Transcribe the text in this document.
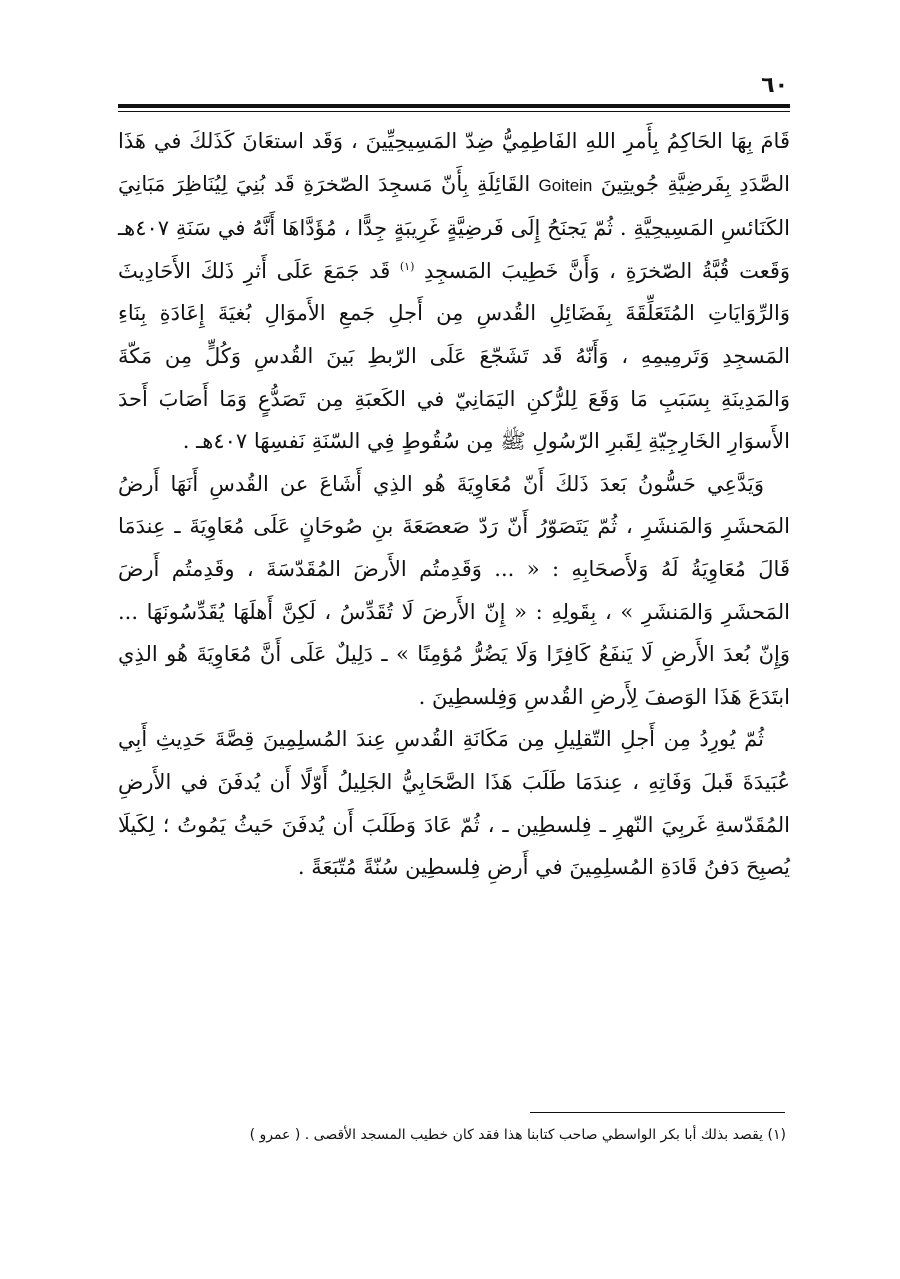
٦٠

قَامَ بِهَا الحَاكِمُ بِأَمرِ اللهِ الفَاطِمِيُّ ضِدّ المَسِيحِيِّينَ ، وَقَد استعَانَ كَذَلكَ في هَذَا الصَّدَدِ بِفَرضِيَّةِ جُويتِينَ Goitein القَائِلَةِ بِأَنّ مَسجِدَ الصّخرَةِ قَد بُنِيَ لِيُنَاظِرَ مَبَانِيَ الكَنَائسِ المَسِيحِيَّةِ . ثُمّ يَجنَحُ إِلَى فَرضِيَّةٍ غَرِيبَةٍ جِدًّا ، مُؤَدَّاهَا أَنَّهُ في سَنَةِ ٤٠٧هـ وَقَعت قُبَّةُ الصّخرَةِ ، وَأَنَّ خَطِيبَ المَسجِدِ $^{(١)}$ قَد جَمَعَ عَلَى أَثرِ ذَلكَ الأَحَادِيثَ وَالرِّوَايَاتِ المُتَعَلِّقَةَ بِفَضَائِلِ القُدسِ مِن أَجلِ جَمعِ الأَموَالِ بُغيَةَ إِعَادَةِ بِنَاءِ المَسجِدِ وَتَرمِيمِهِ ، وَأَنّهُ قَد تَشَجّعَ عَلَى الرّبطِ بَينَ القُدسِ وَكُلٍّ مِن مَكّةَ وَالمَدِينَةِ بِسَبَبِ مَا وَقَعَ لِلرُّكنِ اليَمَانِيّ في الكَعبَةِ مِن تَصَدُّعٍ وَمَا أَصَابَ أَحدَ الأَسوَارِ الخَارِجِيّةِ لِقَبرِ الرّسُولِ ﷺ مِن سُقُوطٍ فِي السّنَةِ نَفسِهَا ٤٠٧هـ .

وَيَدَّعِي حَسُّونُ بَعدَ ذَلكَ أَنّ مُعَاوِيَةَ هُو الذِي أَشَاعَ عن القُدسِ أَنَهَا أَرضُ المَحشَرِ وَالمَنشَرِ ، ثُمّ يَتَصَوّرُ أَنّ رَدّ صَعصَعَةَ بنِ صُوحَانٍ عَلَى مُعَاوِيَةَ ـ عِندَمَا قَالَ مُعَاوِيَةُ لَهُ وَلأَصحَابِهِ : « ... وَقَدِمتُم الأَرضَ المُقَدّسَةَ ، وقَدِمتُم أَرضَ المَحشَرِ وَالمَنشَرِ » ، بِقَولِهِ : « إِنّ الأَرضَ لَا تُقَدِّسُ ، لَكِنَّ أَهلَهَا يُقَدِّسُونَهَا ... وَإِنّ بُعدَ الأَرضِ لَا يَنفَعُ كَافِرًا وَلَا يَضُرُّ مُؤمِنًا » ـ دَلِيلٌ عَلَى أَنَّ مُعَاوِيَةَ هُو الذِي ابتَدَعَ هَذَا الوَصفَ لِأَرضِ القُدسِ وَفِلسطِينَ .

ثُمّ يُورِدُ مِن أَجلِ التّقلِيلِ مِن مَكَانَةِ القُدسِ عِندَ المُسلِمِينَ قِصَّةَ حَدِيثِ أَبِي عُبَيدَةَ قَبلَ وَفَاتِهِ ، عِندَمَا طَلَبَ هَذَا الصَّحَابِيُّ الجَلِيلُ أَوّلًا أَن يُدفَنَ في الأَرضِ المُقَدّسةِ غَربِيَ النّهرِ ـ فِلسطِين ـ ، ثُمّ عَادَ وَطَلَبَ أَن يُدفَنَ حَيثُ يَمُوتُ ؛ لِكَيلَا يُصبِحَ دَفنُ قَادَةِ المُسلِمِينَ في أَرضِ فِلسطِين سُنّةً مُتّبَعَةً .

(١) يقصد بذلك أبا بكر الواسطي صاحب كتابنا هذا فقد كان خطيب المسجد الأقصى . ( عمرو )
